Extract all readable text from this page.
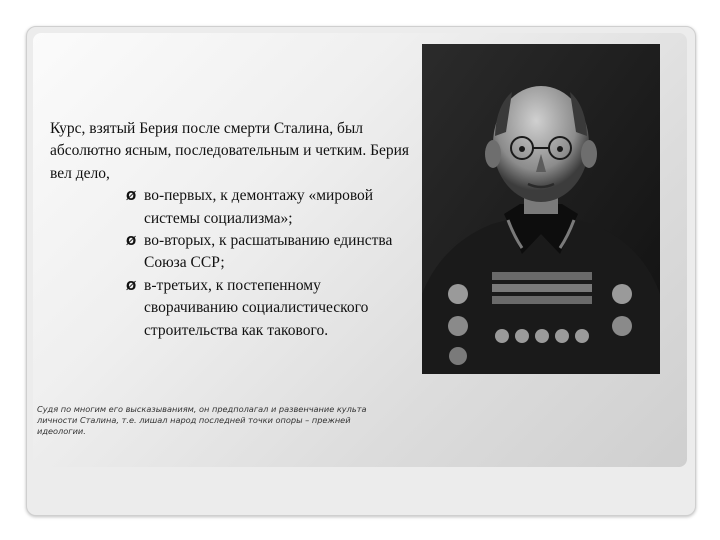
Курс, взятый Берия после смерти Сталина, был абсолютно ясным, последовательным и четким. Берия вел дело,

Ø во-первых, к демонтажу «мировой системы социализма»;
Ø во-вторых, к расшатыванию единства Союза ССР;
Ø в-третьих, к постепенному сворачиванию социалистического строительства как такового.
Судя по многим его высказываниям, он предполагал и развенчание культа личности Сталина, т.е. лишал народ последней точки опоры – прежней идеологии.
